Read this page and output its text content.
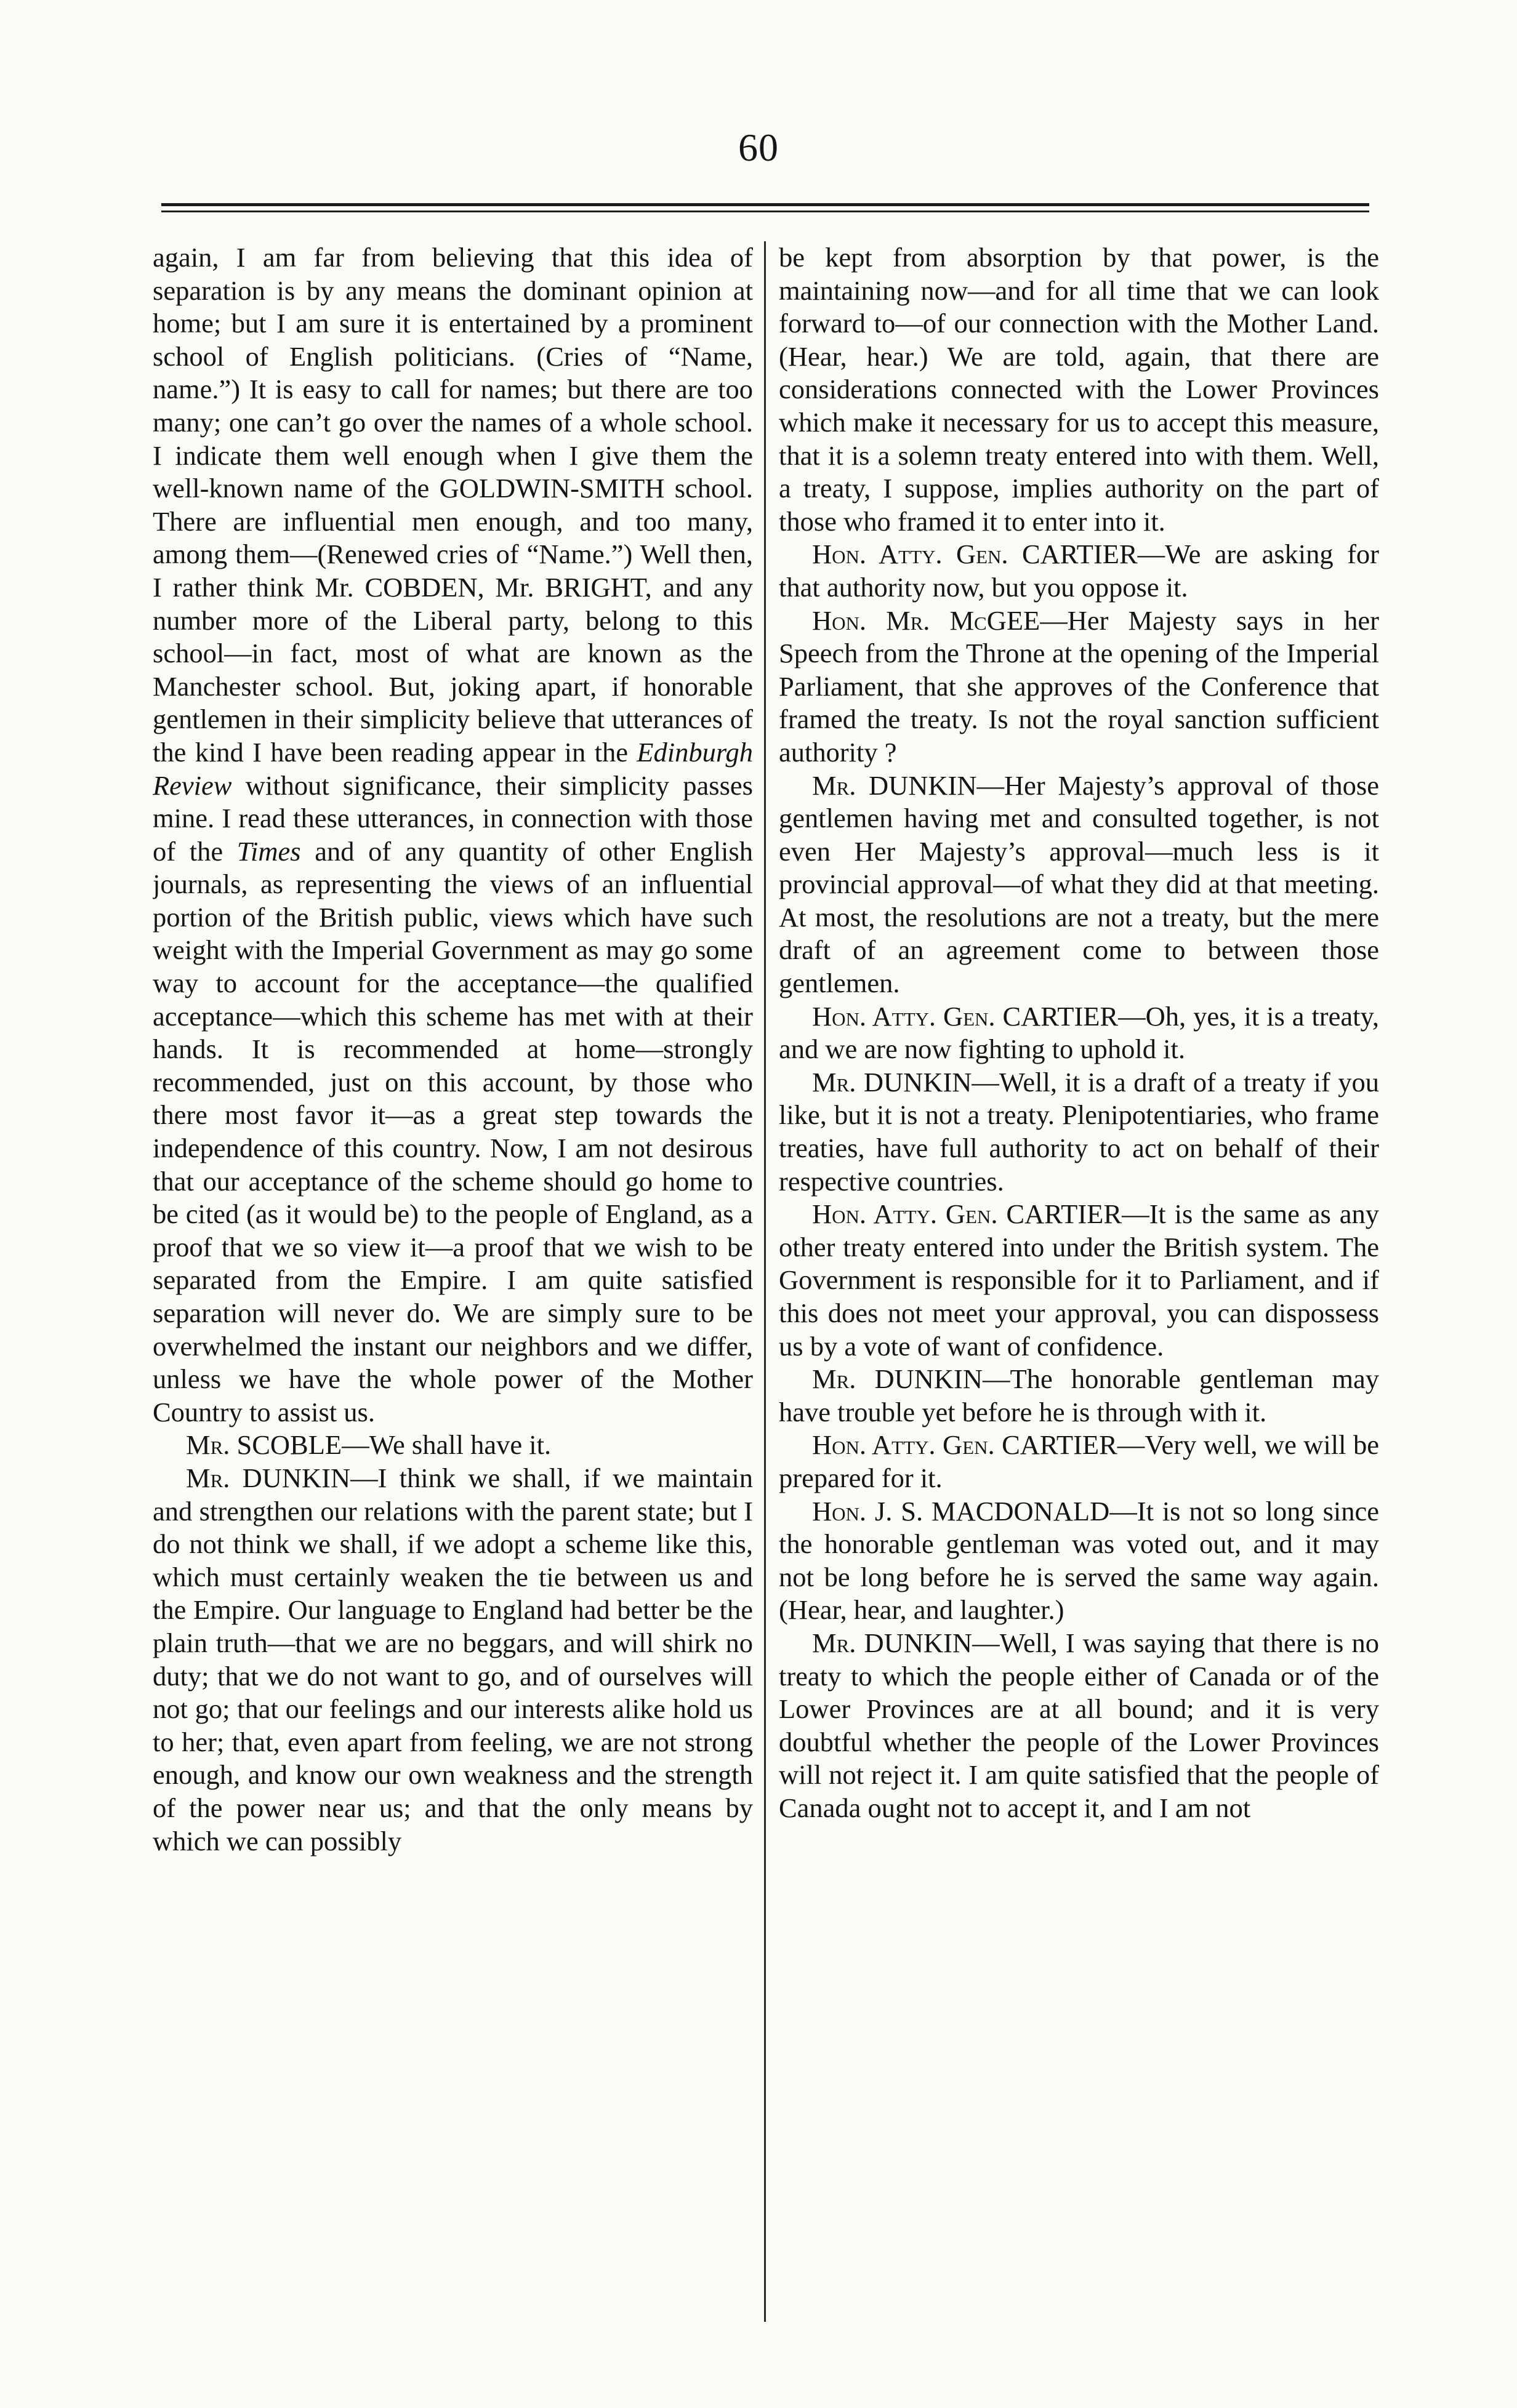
60

again, I am far from believing that this idea of separation is by any means the dominant opinion at home; but I am sure it is entertained by a prominent school of English politicians. (Cries of “Name, name.”) It is easy to call for names; but there are too many; one can’t go over the names of a whole school. I indicate them well enough when I give them the well-known name of the GOLDWIN-SMITH school. There are influential men enough, and too many, among them—(Renewed cries of “Name.”) Well then, I rather think Mr. COBDEN, Mr. BRIGHT, and any number more of the Liberal party, belong to this school—in fact, most of what are known as the Manchester school. But, joking apart, if honorable gentlemen in their simplicity believe that utterances of the kind I have been reading appear in the Edinburgh Review without significance, their simplicity passes mine. I read these utterances, in connection with those of the Times and of any quantity of other English journals, as representing the views of an influential portion of the British public, views which have such weight with the Imperial Government as may go some way to account for the acceptance—the qualified acceptance—which this scheme has met with at their hands. It is recommended at home—strongly recommended, just on this account, by those who there most favor it—as a great step towards the independence of this country. Now, I am not desirous that our acceptance of the scheme should go home to be cited (as it would be) to the people of England, as a proof that we so view it—a proof that we wish to be separated from the Empire. I am quite satisfied separation will never do. We are simply sure to be overwhelmed the instant our neighbors and we differ, unless we have the whole power of the Mother Country to assist us.

Mr. SCOBLE—We shall have it.

Mr. DUNKIN—I think we shall, if we maintain and strengthen our relations with the parent state; but I do not think we shall, if we adopt a scheme like this, which must certainly weaken the tie between us and the Empire. Our language to England had better be the plain truth—that we are no beggars, and will shirk no duty; that we do not want to go, and of ourselves will not go; that our feelings and our interests alike hold us to her; that, even apart from feeling, we are not strong enough, and know our own weakness and the strength of the power near us; and that the only means by which we can possibly

be kept from absorption by that power, is the maintaining now—and for all time that we can look forward to—of our connection with the Mother Land. (Hear, hear.) We are told, again, that there are considerations connected with the Lower Provinces which make it necessary for us to accept this measure, that it is a solemn treaty entered into with them. Well, a treaty, I suppose, implies authority on the part of those who framed it to enter into it.

Hon. Atty. Gen. CARTIER—We are asking for that authority now, but you oppose it.

Hon. Mr. McGEE—Her Majesty says in her Speech from the Throne at the opening of the Imperial Parliament, that she approves of the Conference that framed the treaty. Is not the royal sanction sufficient authority ?

Mr. DUNKIN—Her Majesty’s approval of those gentlemen having met and consulted together, is not even Her Majesty’s approval—much less is it provincial approval—of what they did at that meeting. At most, the resolutions are not a treaty, but the mere draft of an agreement come to between those gentlemen.

Hon. Atty. Gen. CARTIER—Oh, yes, it is a treaty, and we are now fighting to uphold it.

Mr. DUNKIN—Well, it is a draft of a treaty if you like, but it is not a treaty. Plenipotentiaries, who frame treaties, have full authority to act on behalf of their respective countries.

Hon. Atty. Gen. CARTIER—It is the same as any other treaty entered into under the British system. The Government is responsible for it to Parliament, and if this does not meet your approval, you can dispossess us by a vote of want of confidence.

Mr. DUNKIN—The honorable gentleman may have trouble yet before he is through with it.

Hon. Atty. Gen. CARTIER—Very well, we will be prepared for it.

Hon. J. S. MACDONALD—It is not so long since the honorable gentleman was voted out, and it may not be long before he is served the same way again. (Hear, hear, and laughter.)

Mr. DUNKIN—Well, I was saying that there is no treaty to which the people either of Canada or of the Lower Provinces are at all bound; and it is very doubtful whether the people of the Lower Provinces will not reject it. I am quite satisfied that the people of Canada ought not to accept it, and I am not
